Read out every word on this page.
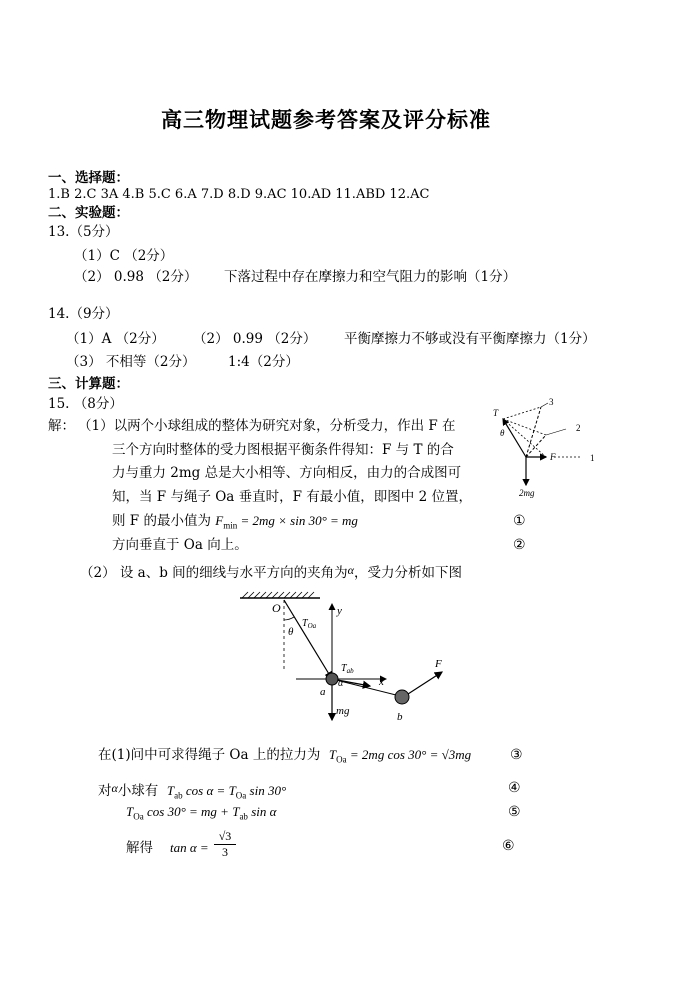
高三物理试题参考答案及评分标准
一、选择题：
1.B 2.C 3A 4.B 5.C 6.A 7.D 8.D 9.AC 10.AD 11.ABD 12.AC
二、实验题：
13.（5分）
（1）C （2分）
（2） 0.98 （2分） 下落过程中存在摩擦力和空气阻力的影响（1分）
14.（9分）
（1）A （2分） （2） 0.99 （2分） 平衡摩擦力不够或没有平衡摩擦力（1分）
（3） 不相等（2分） 1:4（2分）
三、计算题：
15. （8分）
解： （1）以两个小球组成的整体为研究对象，分析受力，作出 F 在
三个方向时整体的受力图根据平衡条件得知：F 与 T 的合
力与重力 2mg 总是大小相等、方向相反，由力的合成图可
知，当 F 与绳子 Oa 垂直时，F 有最小值，即图中 2 位置，
则 F 的最小值为 $F_{min} = 2mg \times \sin 30^\circ$ = mg	①
方向垂直于 Oa 向上。	②
（2） 设 a、b 间的细线与水平方向的夹角为α，受力分析如下图
T
θ
3
2
1
F
2mg
O	y
θ
$T_{Oa}$
$T_{ab}$
α	x
a
b
F
mg
在(1)问中可求得绳子 Oa 上的拉力为 $T_{Oa} = 2mg$ cos 30° = √3mg	③
对α小球有 $T_{ab}$ $\cos \alpha = T_{Oa}$ sin 30°	④
$T_{Oa}$ cos 30° = mg + $T_{ab}$ sin α	⑤
解得 $\tan \alpha = \frac{√3}{3}$	⑥
